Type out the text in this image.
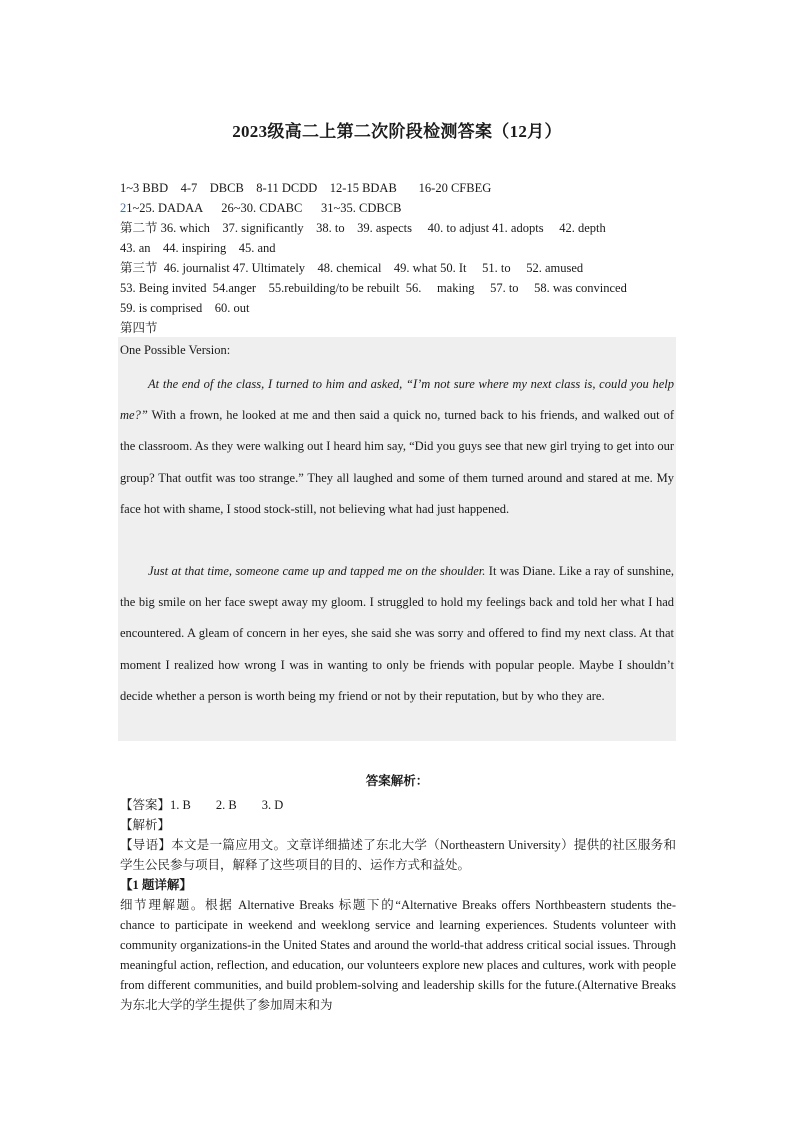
2023级高二上第二次阶段检测答案（12月）
1~3 BBD    4-7    DBCB    8-11 DCDD    12-15 BDAB       16-20 CFBEG
21~25. DADAA      26~30. CDABC      31~35. CDBCB
第二节 36. which    37. significantly    38. to    39. aspects     40. to adjust 41. adopts     42. depth
43. an    44. inspiring    45. and
第三节  46. journalist 47. Ultimately    48. chemical    49. what 50. It     51. to     52. amused
53. Being invited  54.anger    55.rebuilding/to be rebuilt  56.     making     57. to     58. was convinced
59. is comprised    60. out
第四节
One Possible Version:
At the end of the class, I turned to him and asked, “I’m not sure where my next class is, could you help me?” With a frown, he looked at me and then said a quick no, turned back to his friends, and walked out of the classroom. As they were walking out I heard him say, “Did you guys see that new girl trying to get into our group? That outfit was too strange.” They all laughed and some of them turned around and stared at me. My face hot with shame, I stood stock-still, not believing what had just happened.
Just at that time, someone came up and tapped me on the shoulder. It was Diane. Like a ray of sunshine, the big smile on her face swept away my gloom. I struggled to hold my feelings back and told her what I had encountered. A gleam of concern in her eyes, she said she was sorry and offered to find my next class. At that moment I realized how wrong I was in wanting to only be friends with popular people. Maybe I shouldn’t decide whether a person is worth being my friend or not by their reputation, but by who they are.
答案解析：
【答案】1. B        2. B        3. D
【解析】
【导语】本文是一篇应用文。文章详细描述了东北大学（Northeastern University）提供的社区服务和学生公民参与项目，解释了这些项目的目的、运作方式和益处。
【1 题详解】
细节理解题。根据 Alternative Breaks 标题下的“Alternative Breaks offers Northbeastern students the-chance to participate in weekend and weeklong service and learning experiences. Students volunteer with community organizations-in the United States and around the world-that address critical social issues. Through meaningful action, reflection, and education, our volunteers explore new places and cultures, work with people from different communities, and build problem-solving and leadership skills for the future.(Alternative Breaks 为东北大学的学生提供了参加周末和为
